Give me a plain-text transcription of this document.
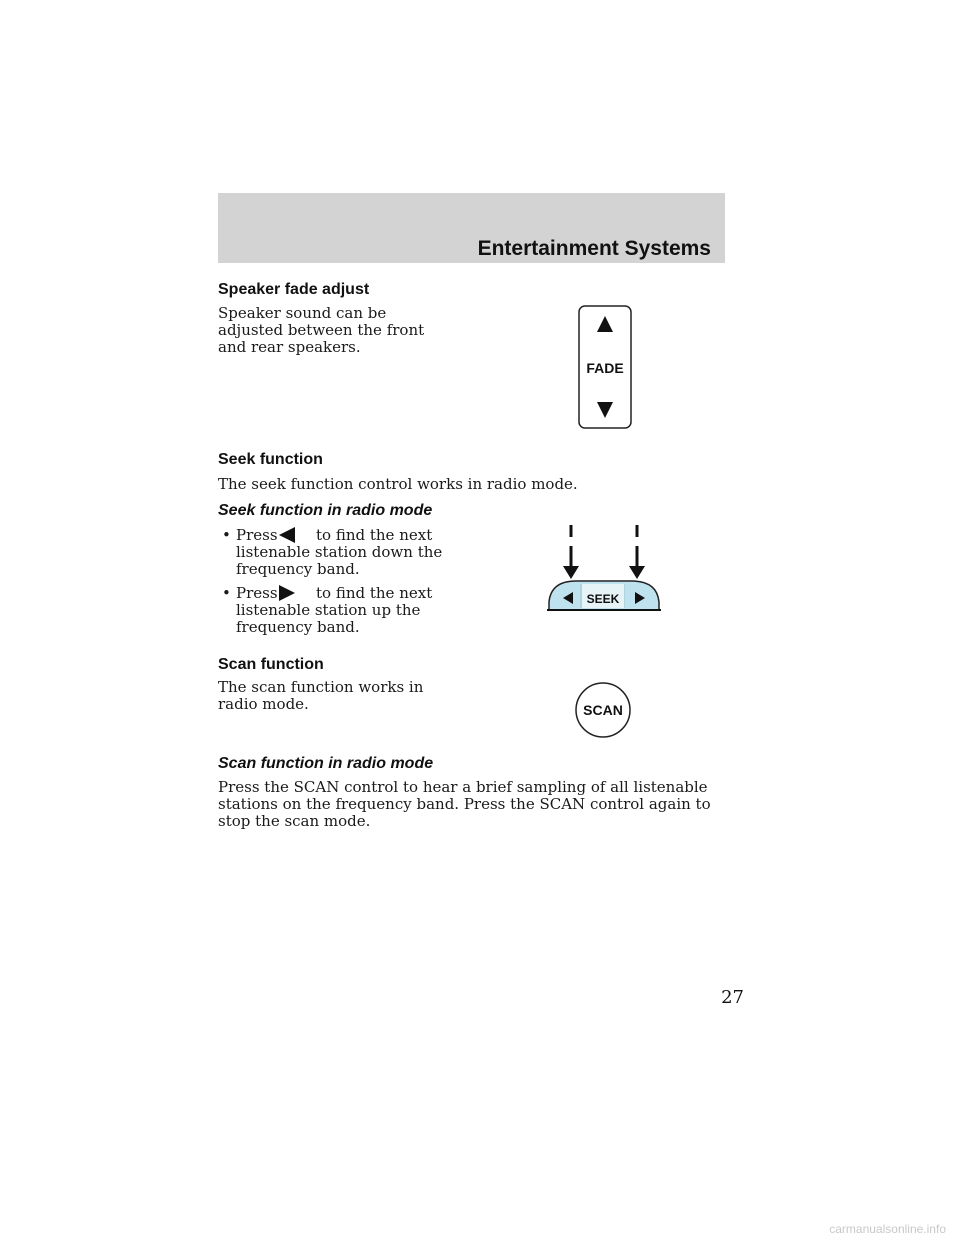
Entertainment Systems
Speaker fade adjust
Speaker sound can be adjusted between the front and rear speakers.
FADE
Seek function
The seek function control works in radio mode.
Seek function in radio mode
• Press	to find the next
listenable station down the
frequency band.
• Press	to find the next
listenable station up the
frequency band.
SEEK
Scan function
The scan function works in radio mode.	SCAN
Scan function in radio mode
Press the SCAN control to hear a brief sampling of all listenable stations on the frequency band. Press the SCAN control again to stop the scan mode.
27
carmanualsonline.info
